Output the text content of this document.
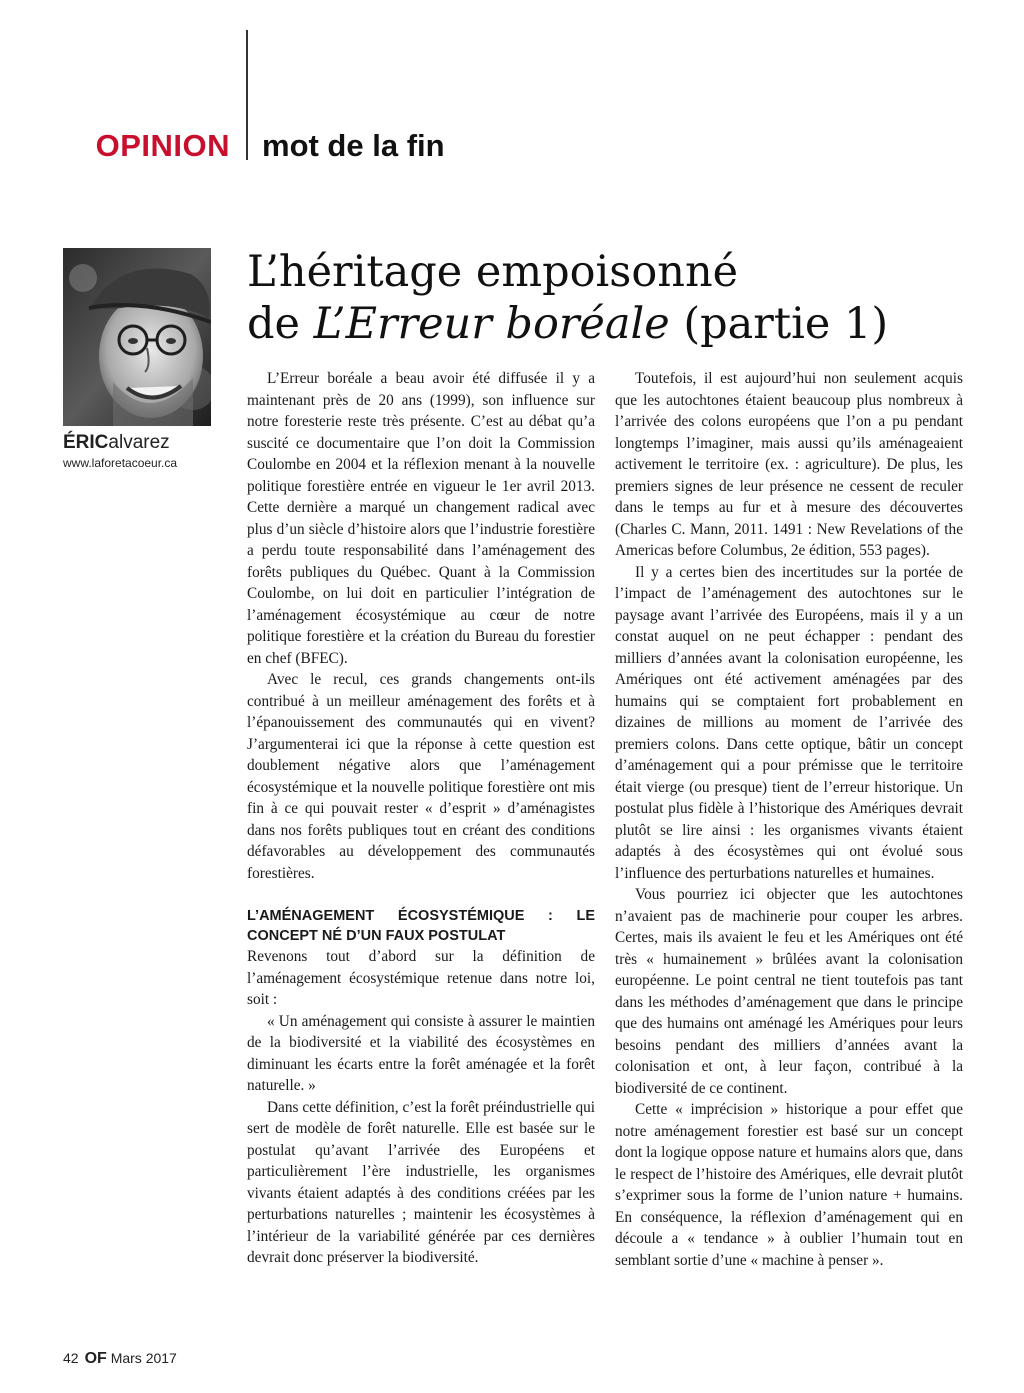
OPINION mot de la fin
ÉRICalvarez
www.laforetacoeur.ca
L’héritage empoisonné
de L’Erreur boréale (partie 1)

L’Erreur boréale a beau avoir été diffusée il y a maintenant près de 20 ans (1999), son influence sur notre foresterie reste très présente. C’est au débat qu’a suscité ce documentaire que l’on doit la Commission Coulombe en 2004 et la réflexion menant à la nouvelle politique forestière entrée en vigueur le 1er avril 2013. Cette dernière a marqué un changement radical avec plus d’un siècle d’histoire alors que l’industrie forestière a perdu toute responsabilité dans l’aménagement des forêts publiques du Québec. Quant à la Commission Coulombe, on lui doit en particulier l’intégration de l’aménagement écosystémique au cœur de notre politique forestière et la création du Bureau du forestier en chef (BFEC).

Avec le recul, ces grands changements ont-ils contribué à un meilleur aménagement des forêts et à l’épanouissement des communautés qui en vivent? J’argumenterai ici que la réponse à cette question est doublement négative alors que l’aménagement écosystémique et la nouvelle politique forestière ont mis fin à ce qui pouvait rester « d’esprit » d’aménagistes dans nos forêts publiques tout en créant des conditions défavorables au développement des communautés forestières.

L’AMÉNAGEMENT ÉCOSYSTÉMIQUE : LE CONCEPT NÉ D’UN FAUX POSTULAT

Revenons tout d’abord sur la définition de l’aménagement écosystémique retenue dans notre loi, soit :

« Un aménagement qui consiste à assurer le maintien de la biodiversité et la viabilité des écosystèmes en diminuant les écarts entre la forêt aménagée et la forêt naturelle. »

Dans cette définition, c’est la forêt préindustrielle qui sert de modèle de forêt naturelle. Elle est basée sur le postulat qu’avant l’arrivée des Européens et particulièrement l’ère industrielle, les organismes vivants étaient adaptés à des conditions créées par les perturbations naturelles ; maintenir les écosystèmes à l’intérieur de la variabilité générée par ces dernières devrait donc préserver la biodiversité.

Toutefois, il est aujourd’hui non seulement acquis que les autochtones étaient beaucoup plus nombreux à l’arrivée des colons européens que l’on a pu pendant longtemps l’imaginer, mais aussi qu’ils aménageaient activement le territoire (ex. : agriculture). De plus, les premiers signes de leur présence ne cessent de reculer dans le temps au fur et à mesure des découvertes (Charles C. Mann, 2011. 1491 : New Revelations of the Americas before Columbus, 2e édition, 553 pages).

Il y a certes bien des incertitudes sur la portée de l’impact de l’aménagement des autochtones sur le paysage avant l’arrivée des Européens, mais il y a un constat auquel on ne peut échapper : pendant des milliers d’années avant la colonisation européenne, les Amériques ont été activement aménagées par des humains qui se comptaient fort probablement en dizaines de millions au moment de l’arrivée des premiers colons. Dans cette optique, bâtir un concept d’aménagement qui a pour prémisse que le territoire était vierge (ou presque) tient de l’erreur historique. Un postulat plus fidèle à l’historique des Amériques devrait plutôt se lire ainsi : les organismes vivants étaient adaptés à des écosystèmes qui ont évolué sous l’influence des perturbations naturelles et humaines.

Vous pourriez ici objecter que les autochtones n’avaient pas de machinerie pour couper les arbres. Certes, mais ils avaient le feu et les Amériques ont été très « humainement » brûlées avant la colonisation européenne. Le point central ne tient toutefois pas tant dans les méthodes d’aménagement que dans le principe que des humains ont aménagé les Amériques pour leurs besoins pendant des milliers d’années avant la colonisation et ont, à leur façon, contribué à la biodiversité de ce continent.

Cette « imprécision » historique a pour effet que notre aménagement forestier est basé sur un concept dont la logique oppose nature et humains alors que, dans le respect de l’histoire des Amériques, elle devrait plutôt s’exprimer sous la forme de l’union nature + humains. En conséquence, la réflexion d’aménagement qui en découle a « tendance » à oublier l’humain tout en semblant sortie d’une « machine à penser ».

42 OF Mars 2017
